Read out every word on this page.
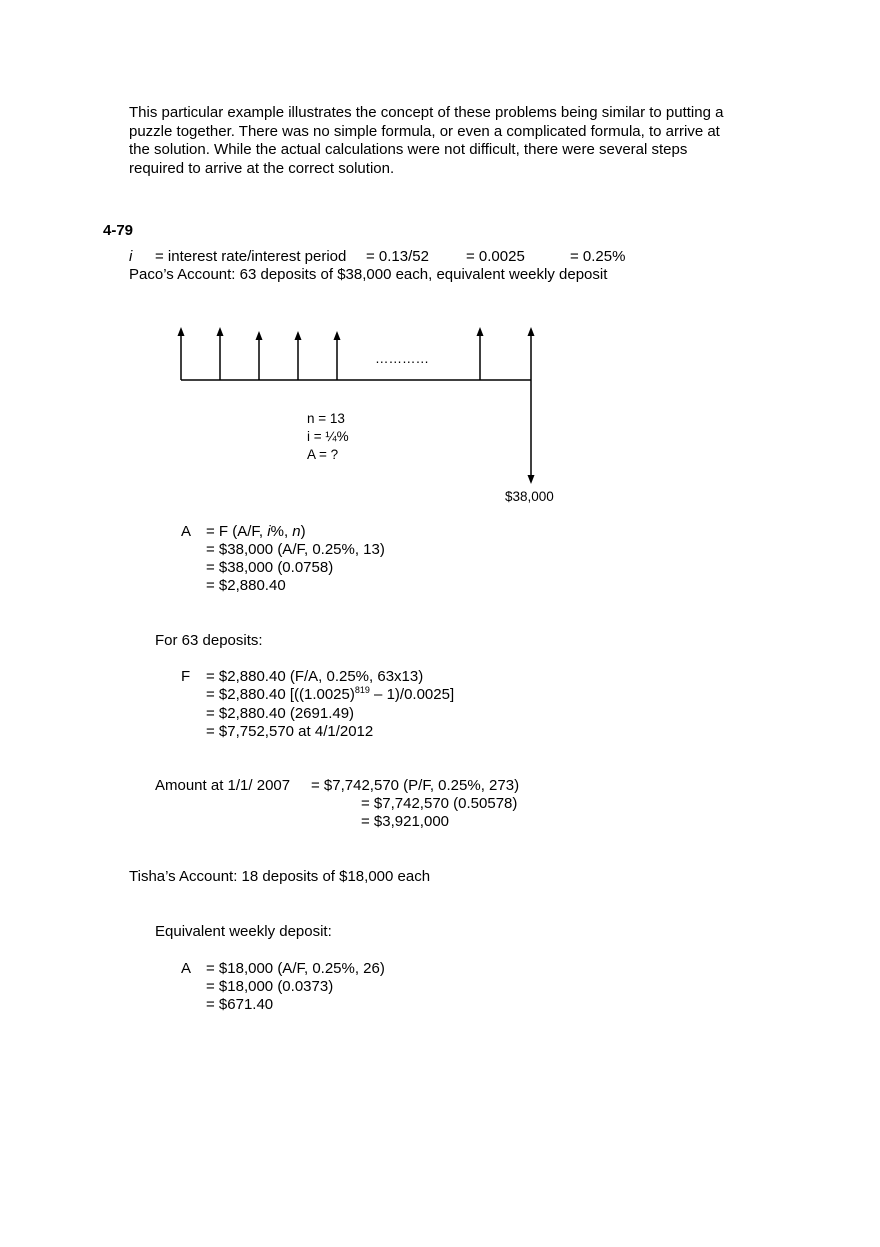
This particular example illustrates the concept of these problems being similar to putting a
puzzle together. There was no simple formula, or even a complicated formula, to arrive at
the solution. While the actual calculations were not difficult, there were several steps
required to arrive at the correct solution.
4-79
i = interest rate/interest period = 0.13/52 = 0.0025	= 0.25%
Paco’s Account: 63 deposits of $38,000 each, equivalent weekly deposit
…………
n = 13
i = ¼%
A = ?
$38,000
A = F (A/F, i%, n)
= $38,000 (A/F, 0.25%, 13)
= $38,000 (0.0758)
= $2,880.40
For 63 deposits:
F = $2,880.40 (F/A, 0.25%, 63x13)
= $2,880.40 $[((1.0025)^{819} - 1)/0.0025]$
= $2,880.40 (2691.49)
= $7,752,570 at 4/1/2012
Amount at 1/1/ 2007 = $7,742,570 (P/F, 0.25%, 273)
= $7,742,570 (0.50578)
= $3,921,000
Tisha’s Account: 18 deposits of $18,000 each
Equivalent weekly deposit:
A = $18,000 (A/F, 0.25%, 26)
= $18,000 (0.0373)
= $671.40
